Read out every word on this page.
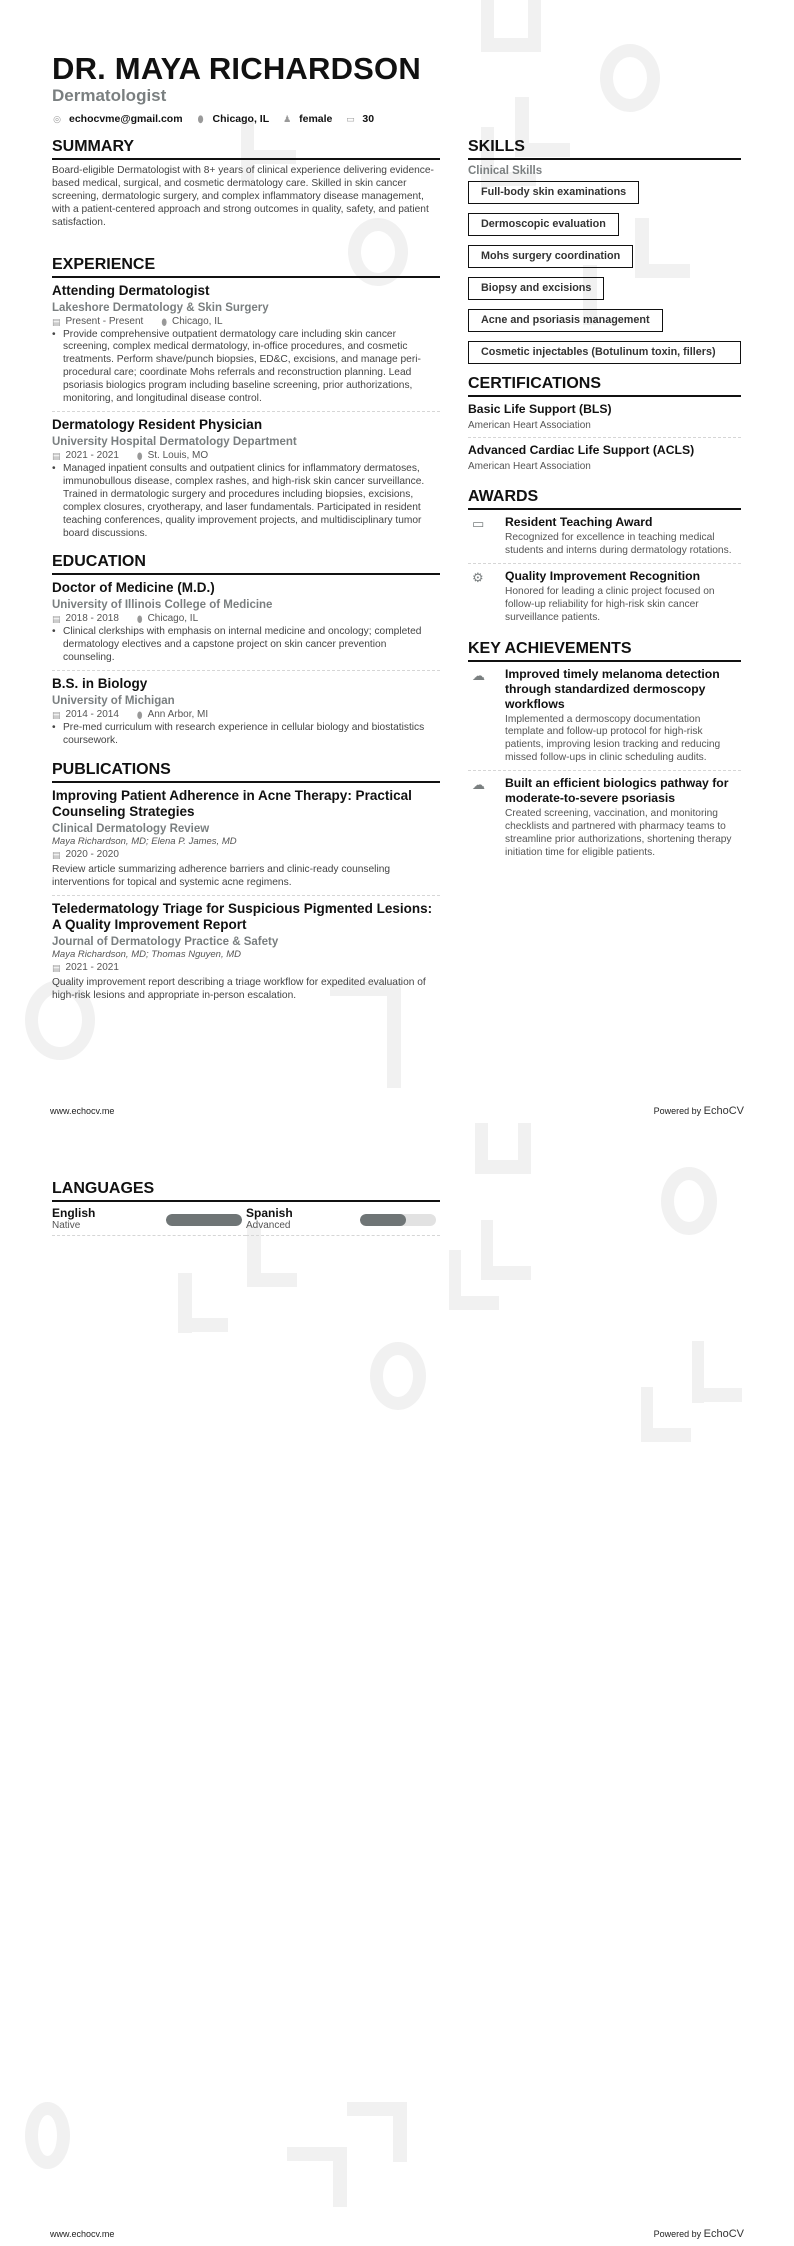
DR. MAYA RICHARDSON
Dermatologist
◎ echocvme@gmail.com ⬮ Chicago, IL ♟ female ▭ 30
SUMMARY
Board-eligible Dermatologist with 8+ years of clinical experience delivering evidence-based medical, surgical, and cosmetic dermatology care. Skilled in skin cancer screening, dermatologic surgery, and complex inflammatory disease management, with a patient-centered approach and strong outcomes in quality, safety, and patient satisfaction.
EXPERIENCE
Attending Dermatologist
Lakeshore Dermatology & Skin Surgery
▤ Present - Present ⬮ Chicago, IL
• Provide comprehensive outpatient dermatology care including skin cancer screening, complex medical dermatology, in-office procedures, and cosmetic treatments. Perform shave/punch biopsies, ED&C, excisions, and manage peri-procedural care; coordinate Mohs referrals and reconstruction planning. Lead psoriasis biologics program including baseline screening, prior authorizations, monitoring, and longitudinal disease control.
Dermatology Resident Physician
University Hospital Dermatology Department
▤ 2021 - 2021 ⬮ St. Louis, MO
• Managed inpatient consults and outpatient clinics for inflammatory dermatoses, immunobullous disease, complex rashes, and high-risk skin cancer surveillance. Trained in dermatologic surgery and procedures including biopsies, excisions, complex closures, cryotherapy, and laser fundamentals. Participated in resident teaching conferences, quality improvement projects, and multidisciplinary tumor board discussions.
EDUCATION
Doctor of Medicine (M.D.)
University of Illinois College of Medicine
▤ 2018 - 2018 ⬮ Chicago, IL
• Clinical clerkships with emphasis on internal medicine and oncology; completed dermatology electives and a capstone project on skin cancer prevention counseling.
B.S. in Biology
University of Michigan
▤ 2014 - 2014 ⬮ Ann Arbor, MI
• Pre-med curriculum with research experience in cellular biology and biostatistics coursework.
PUBLICATIONS
Improving Patient Adherence in Acne Therapy: Practical Counseling Strategies
Clinical Dermatology Review
Maya Richardson, MD; Elena P. James, MD
▤ 2020 - 2020
Review article summarizing adherence barriers and clinic-ready counseling interventions for topical and systemic acne regimens.
Teledermatology Triage for Suspicious Pigmented Lesions: A Quality Improvement Report
Journal of Dermatology Practice & Safety
Maya Richardson, MD; Thomas Nguyen, MD
▤ 2021 - 2021
Quality improvement report describing a triage workflow for expedited evaluation of high-risk lesions and appropriate in-person escalation.
SKILLS
Clinical Skills
Full-body skin examinations
Dermoscopic evaluation
Mohs surgery coordination
Biopsy and excisions
Acne and psoriasis management
Cosmetic injectables (Botulinum toxin, fillers)
CERTIFICATIONS
Basic Life Support (BLS)
American Heart Association
Advanced Cardiac Life Support (ACLS)
American Heart Association
AWARDS
▭	Resident Teaching Award
Recognized for excellence in teaching medical students and interns during dermatology rotations.
⚙	Quality Improvement Recognition
Honored for leading a clinic project focused on follow-up reliability for high-risk skin cancer surveillance patients.
KEY ACHIEVEMENTS
☁	Improved timely melanoma detection through standardized dermoscopy workflows
Implemented a dermoscopy documentation template and follow-up protocol for high-risk patients, improving lesion tracking and reducing missed follow-ups in clinic scheduling audits.
☁	Built an efficient biologics pathway for moderate-to-severe psoriasis
Created screening, vaccination, and monitoring checklists and partnered with pharmacy teams to streamline prior authorizations, shortening therapy initiation time for eligible patients.
www.echocv.me	Powered by EchoCV
LANGUAGES
English
Native
Spanish
Advanced
www.echocv.me	Powered by EchoCV
